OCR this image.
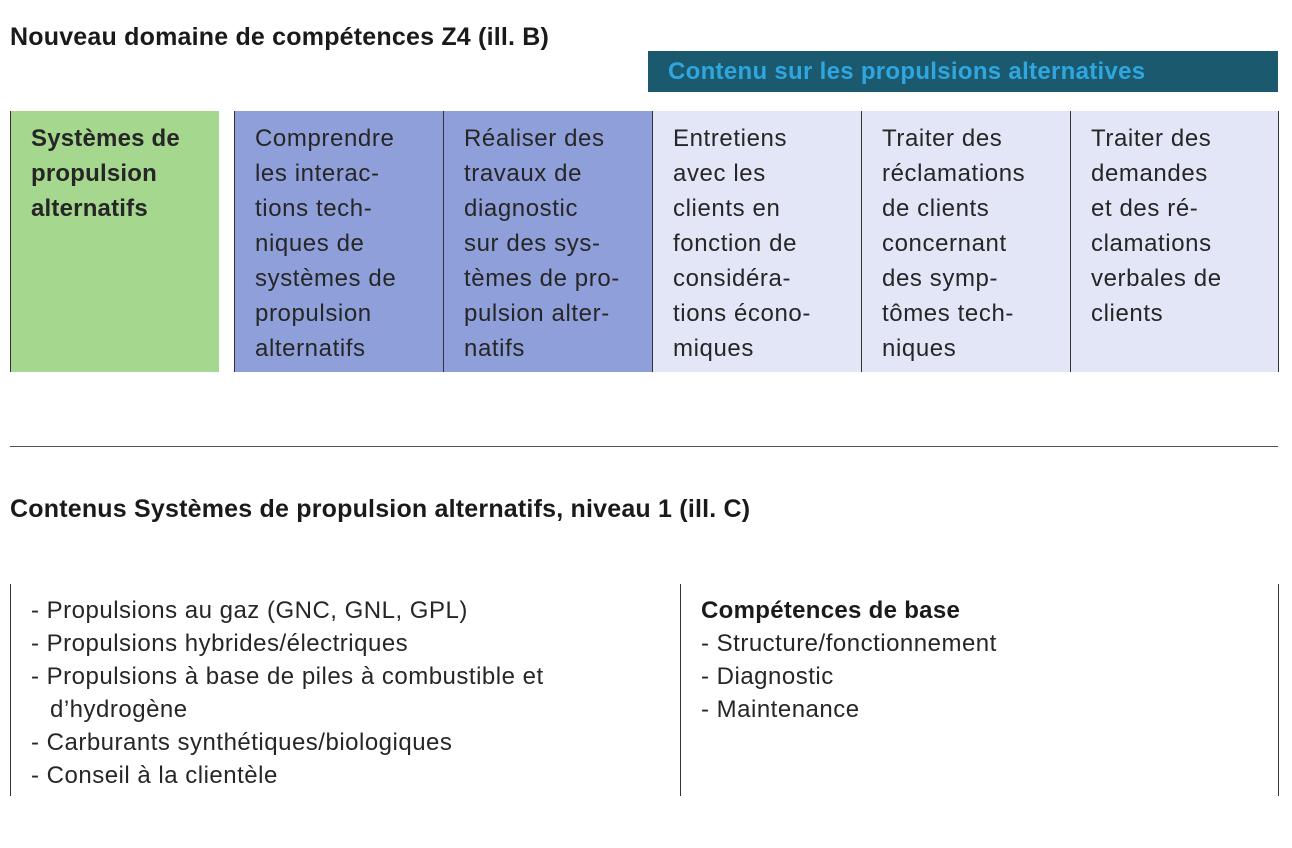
Nouveau domaine de compétences Z4 (ill. B)
Contenu sur les propulsions alternatives
Systèmes de
propulsion
alternatifs
Comprendre
les interac-
tions tech-
niques de
systèmes de
propulsion
alternatifs
Réaliser des
travaux de
diagnostic
sur des sys-
tèmes de pro-
pulsion alter-
natifs
Entretiens
avec les
clients en
fonction de
considéra-
tions écono-
miques
Traiter des
réclamations
de clients
concernant
des symp-
tômes tech-
niques
Traiter des
demandes
et des ré-
clamations
verbales de
clients
Contenus Systèmes de propulsion alternatifs, niveau 1 (ill. C)
- Propulsions au gaz (GNC, GNL, GPL)
- Propulsions hybrides/électriques
- Propulsions à base de piles à combustible et
d’hydrogène
- Carburants synthétiques/biologiques
- Conseil à la clientèle
Compétences de base
- Structure/fonctionnement
- Diagnostic
- Maintenance
